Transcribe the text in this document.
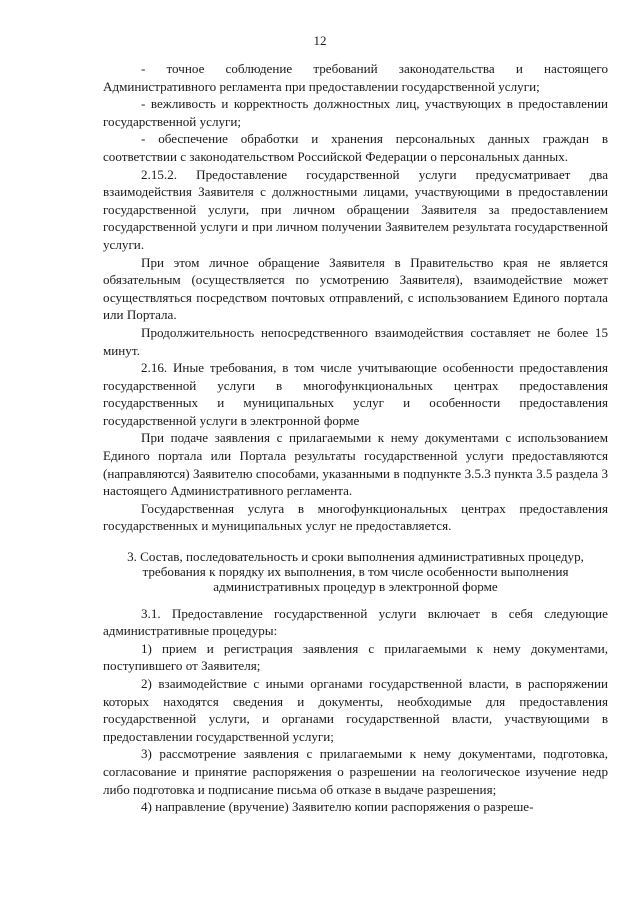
12

- точное соблюдение требований законодательства и настоящего Административного регламента при предоставлении государственной услуги;

- вежливость и корректность должностных лиц, участвующих в предоставлении государственной услуги;

- обеспечение обработки и хранения персональных данных граждан в соответствии с законодательством Российской Федерации о персональных данных.

2.15.2. Предоставление государственной услуги предусматривает два взаимодействия Заявителя с должностными лицами, участвующими в предоставлении государственной услуги, при личном обращении Заявителя за предоставлением государственной услуги и при личном получении Заявителем результата государственной услуги.

При этом личное обращение Заявителя в Правительство края не является обязательным (осуществляется по усмотрению Заявителя), взаимодействие может осуществляться посредством почтовых отправлений, с использованием Единого портала или Портала.

Продолжительность непосредственного взаимодействия составляет не более 15 минут.

2.16. Иные требования, в том числе учитывающие особенности предоставления государственной услуги в многофункциональных центрах предоставления государственных и муниципальных услуг и особенности предоставления государственной услуги в электронной форме

При подаче заявления с прилагаемыми к нему документами с использованием Единого портала или Портала результаты государственной услуги предоставляются (направляются) Заявителю способами, указанными в подпункте 3.5.3 пункта 3.5 раздела 3 настоящего Административного регламента.

Государственная услуга в многофункциональных центрах предоставления государственных и муниципальных услуг не предоставляется.

3. Состав, последовательность и сроки выполнения административных процедур, требования к порядку их выполнения, в том числе особенности выполнения административных процедур в электронной форме

3.1. Предоставление государственной услуги включает в себя следующие административные процедуры:

1) прием и регистрация заявления с прилагаемыми к нему документами, поступившего от Заявителя;

2) взаимодействие с иными органами государственной власти, в распоряжении которых находятся сведения и документы, необходимые для предоставления государственной услуги, и органами государственной власти, участвующими в предоставлении государственной услуги;

3) рассмотрение заявления с прилагаемыми к нему документами, подготовка, согласование и принятие распоряжения о разрешении на геологическое изучение недр либо подготовка и подписание письма об отказе в выдаче разрешения;

4) направление (вручение) Заявителю копии распоряжения о разреше-
